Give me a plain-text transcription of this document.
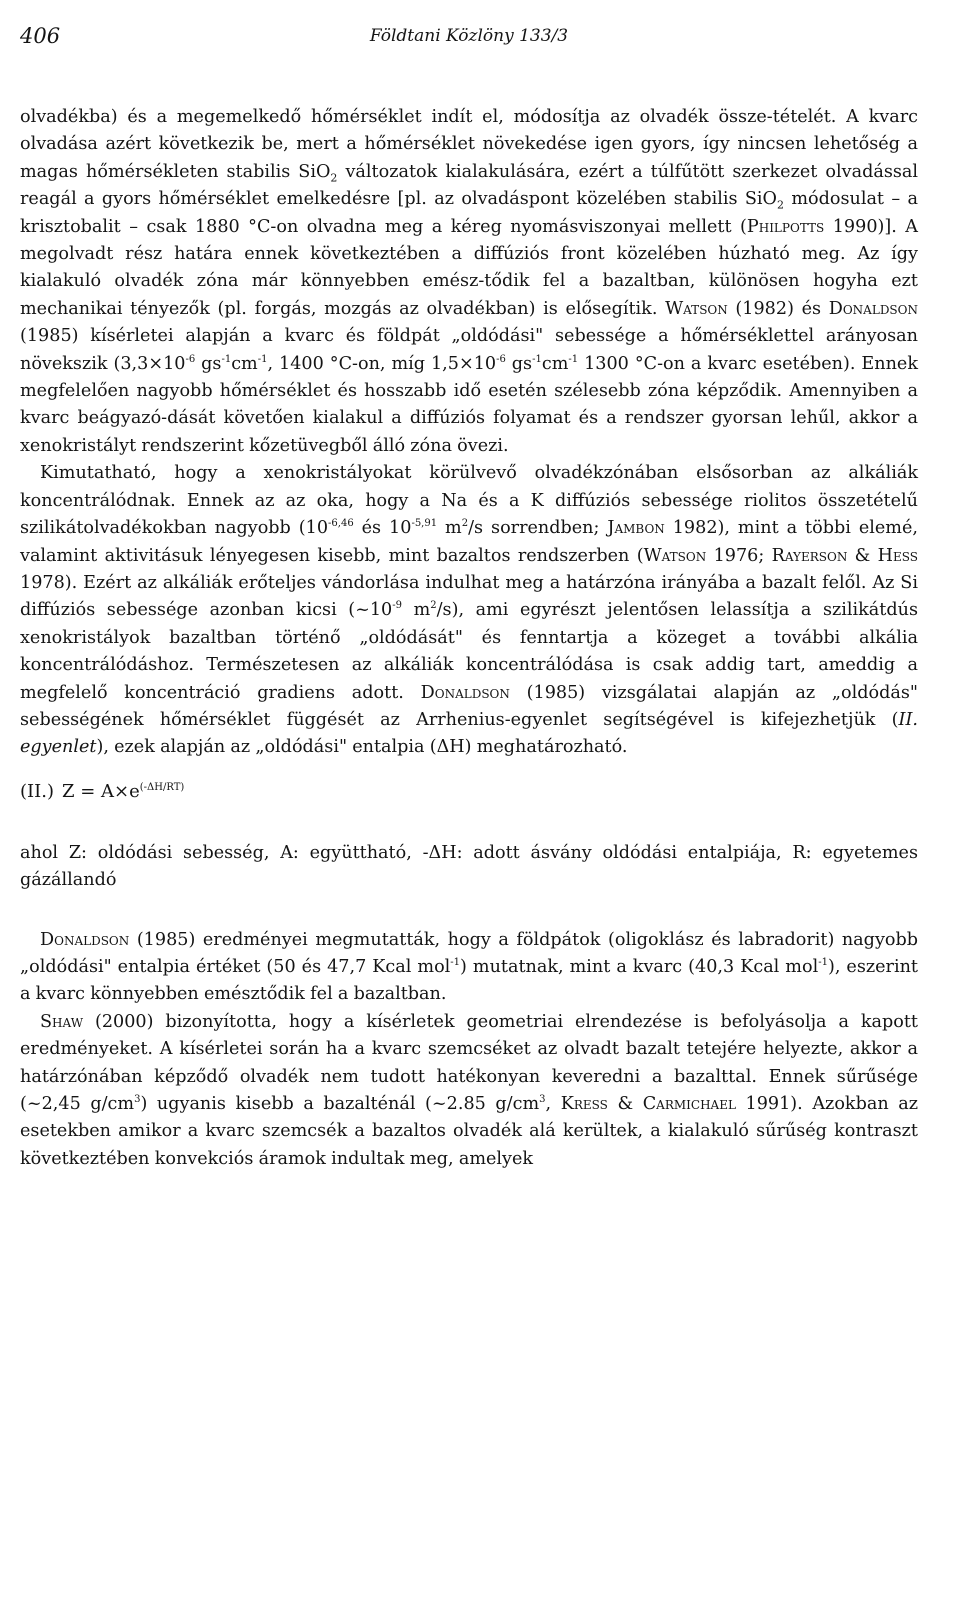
406	Földtani Közlöny 133/3

olvadékba) és a megemelkedő hőmérséklet indít el, módosítja az olvadék össze-tételét. A kvarc olvadása azért következik be, mert a hőmérséklet növekedése igen gyors, így nincsen lehetőség a magas hőmérsékleten stabilis SiO$_2$ változatok kialakulására, ezért a túlfűtött szerkezet olvadással reagál a gyors hőmérséklet emelkedésre [pl. az olvadáspont közelében stabilis SiO$_2$ módosulat – a krisztobalit – csak 1880 °C-on olvadna meg a kéreg nyomásviszonyai mellett (Philpotts 1990)]. A megolvadt rész határa ennek következtében a diffúziós front közelében húzható meg. Az így kialakuló olvadék zóna már könnyebben emész-tődik fel a bazaltban, különösen hogyha ezt mechanikai tényezők (pl. forgás, mozgás az olvadékban) is elősegítik. Watson (1982) és Donaldson (1985) kísérletei alapján a kvarc és földpát „oldódási" sebessége a hőmérséklettel arányosan növekszik ($3,3\times 10^{-6}$ $gs^{-1}cm^{-1}$, 1400 °C-on, míg $1,5\times 10^{-6}$ $gs^{-1}cm^{-1}$ 1300 °C-on a kvarc esetében). Ennek megfelelően nagyobb hőmérséklet és hosszabb idő esetén szélesebb zóna képződik. Amennyiben a kvarc beágyazó-dását követően kialakul a diffúziós folyamat és a rendszer gyorsan lehűl, akkor a xenokristályt rendszerint kőzetüvegből álló zóna övezi.

Kimutatható, hogy a xenokristályokat körülvevő olvadékzónában elsősorban az alkáliák koncentrálódnak. Ennek az az oka, hogy a Na és a K diffúziós sebessége riolitos összetételű szilikátolvadékokban nagyobb ($10^{-6,46}$ és $10^{-5,91}$ $m^2/s$ sorrendben; Jambon 1982), mint a többi elemé, valamint aktivitásuk lényegesen kisebb, mint bazaltos rendszerben (Watson 1976; Rayerson & Hess 1978). Ezért az alkáliák erőteljes vándorlása indulhat meg a határzóna irányába a bazalt felől. Az Si diffúziós sebessége azonban kicsi ($\sim 10^{-9}$ $m^2/s$), ami egyrészt jelentősen lelassítja a szilikátdús xenokristályok bazaltban történő „oldódását" és fenntartja a közeget a további alkália koncentrálódáshoz. Természetesen az alkáliák koncentrálódása is csak addig tart, ameddig a megfelelő koncentráció gradiens adott. Donaldson (1985) vizsgálatai alapján az „oldódás" sebességének hőmérséklet függését az Arrhenius-egyenlet segítségével is kifejezhetjük (II. egyenlet), ezek alapján az „oldódási" entalpia (ΔH) meghatározható.

(II.) $Z = A\times e^{(-\Delta H/RT)}$

ahol Z: oldódási sebesség, A: együttható, -ΔH: adott ásvány oldódási entalpiája, R: egyetemes gázállandó

Donaldson (1985) eredményei megmutatták, hogy a földpátok (oligoklász és labradorit) nagyobb „oldódási" entalpia értéket (50 és 47,7 Kcal mol$^{-1}$) mutatnak, mint a kvarc (40,3 Kcal mol$^{-1}$), eszerint a kvarc könnyebben emésztődik fel a bazaltban.

Shaw (2000) bizonyította, hogy a kísérletek geometriai elrendezése is befolyásolja a kapott eredményeket. A kísérletei során ha a kvarc szemcséket az olvadt bazalt tetejére helyezte, akkor a határzónában képződő olvadék nem tudott hatékonyan keveredni a bazalttal. Ennek sűrűsége (~2,45 $g/cm^3$) ugyanis kisebb a bazalténál (~2.85 $g/cm^3$, Kress & Carmichael 1991). Azokban az esetekben amikor a kvarc szemcsék a bazaltos olvadék alá kerültek, a kialakuló sűrűség kontraszt következtében konvekciós áramok indultak meg, amelyek
